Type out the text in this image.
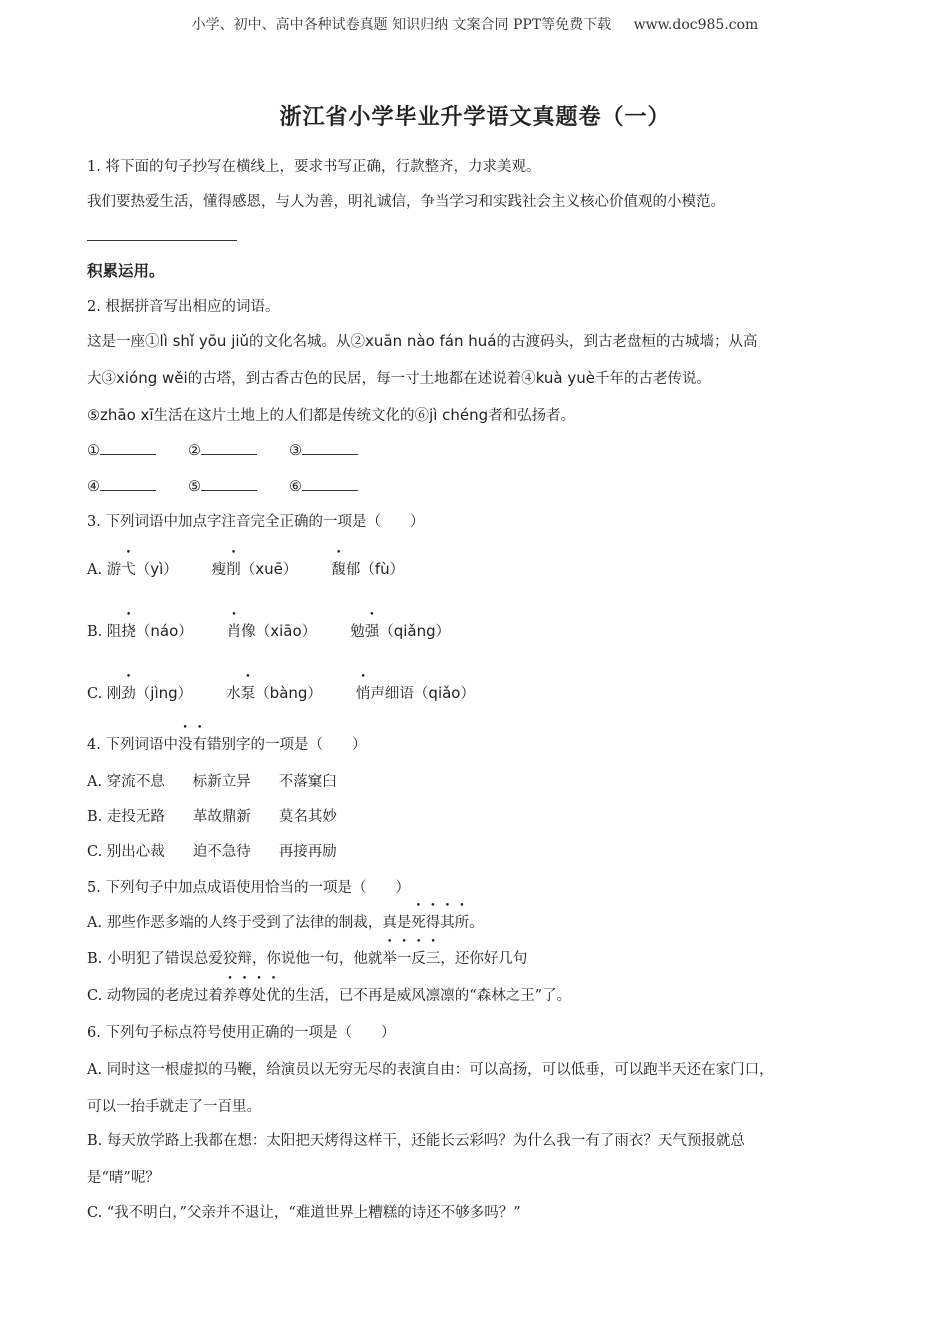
小学、初中、高中各种试卷真题 知识归纳 文案合同 PPT等免费下载 www.doc985.com
浙江省小学毕业升学语文真题卷（一）
1. 将下面的句子抄写在横线上，要求书写正确，行款整齐，力求美观。
我们要热爱生活，懂得感恩，与人为善，明礼诚信，争当学习和实践社会主义核心价值观的小模范。
积累运用。
2. 根据拼音写出相应的词语。
这是一座①lì shǐ yōu jiǔ的文化名城。从②xuān nào fán huá的古渡码头，到古老盘桓的古城墙；从高
大③xióng wěi的古塔，到古香古色的民居，每一寸土地都在述说着④kuà yuè千年的古老传说。
⑤zhāo xī生活在这片土地上的人们都是传统文化的⑥jì chéng者和弘扬者。
①	②	③
④	⑤	⑥
3. 下列词语中加点字注音完全正确的一项是（　　）
A. 游弋（yì） 瘦削（xuē） 馥郁（fù）
B. 阻挠（náo） 肖像（xiāo） 勉强（qiǎng）
C. 刚劲（jìng） 水泵（bàng） 悄声细语（qiǎo）
4. 下列词语中没有错别字的一项是（　　）
A. 穿流不息 标新立异 不落窠臼
B. 走投无路 革故鼎新 莫名其妙
C. 别出心裁 迫不急待 再接再励
5. 下列句子中加点成语使用恰当的一项是（　　）
A. 那些作恶多端的人终于受到了法律的制裁，真是死得其所。
B. 小明犯了错误总爱狡辩，你说他一句，他就举一反三，还你好几句
C. 动物园的老虎过着养尊处优的生活，已不再是威风凛凛的“森林之王”了。
6. 下列句子标点符号使用正确的一项是（　　）
A. 同时这一根虚拟的马鞭，给演员以无穷无尽的表演自由：可以高扬，可以低垂，可以跑半天还在家门口，
可以一抬手就走了一百里。
B. 每天放学路上我都在想：太阳把天烤得这样干，还能长云彩吗？为什么我一有了雨衣？天气预报就总
是“晴”呢？
C. “我不明白，”父亲并不退让，“难道世界上糟糕的诗还不够多吗？”
